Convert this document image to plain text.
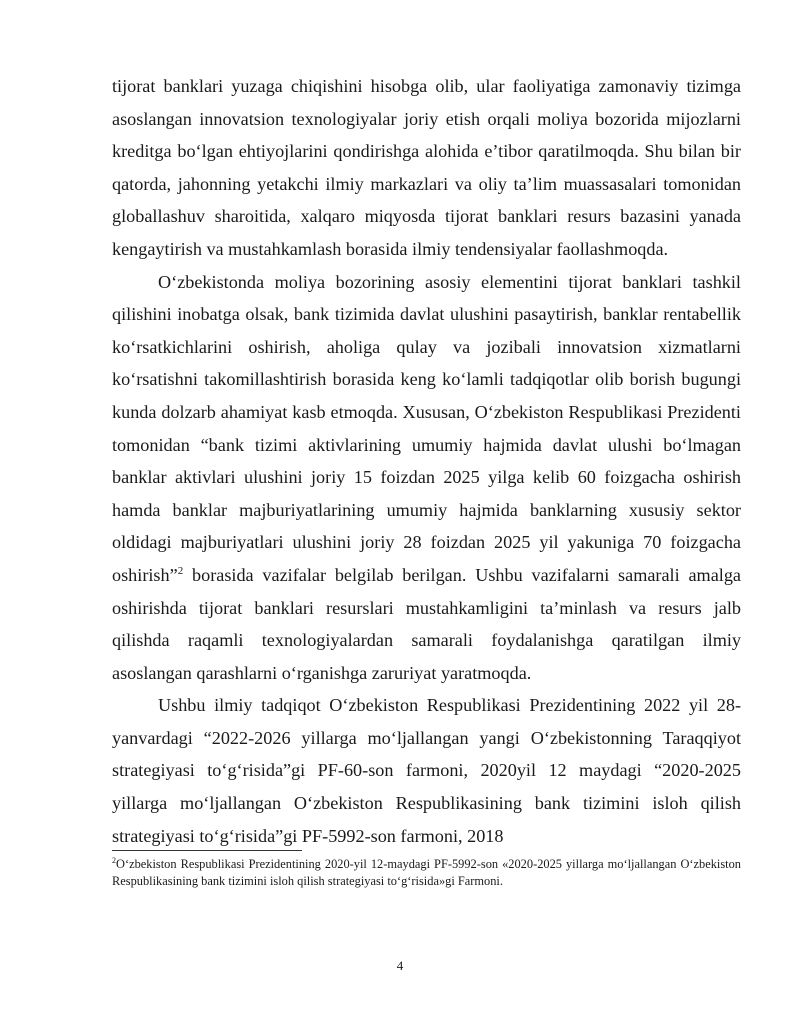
tijorat banklari yuzaga chiqishini hisobga olib, ular faoliyatiga zamonaviy tizimga asoslangan innovatsion texnologiyalar joriy etish orqali moliya bozorida mijozlarni kreditga bo‘lgan ehtiyojlarini qondirishga alohida e’tibor qaratilmoqda. Shu bilan bir qatorda, jahonning yetakchi ilmiy markazlari va oliy ta’lim muassasalari tomonidan globallashuv sharoitida, xalqaro miqyosda tijorat banklari resurs bazasini yanada kengaytirish va mustahkamlash borasida ilmiy tendensiyalar faollashmoqda.

O‘zbekistonda moliya bozorining asosiy elementini tijorat banklari tashkil qilishini inobatga olsak, bank tizimida davlat ulushini pasaytirish, banklar rentabellik ko‘rsatkichlarini oshirish, aholiga qulay va jozibali innovatsion xizmatlarni ko‘rsatishni takomillashtirish borasida keng ko‘lamli tadqiqotlar olib borish bugungi kunda dolzarb ahamiyat kasb etmoqda. Xususan, O‘zbekiston Respublikasi Prezidenti tomonidan “bank tizimi aktivlarining umumiy hajmida davlat ulushi bo‘lmagan banklar aktivlari ulushini joriy 15 foizdan 2025 yilga kelib 60 foizgacha oshirish hamda banklar majburiyatlarining umumiy hajmida banklarning xususiy sektor oldidagi majburiyatlari ulushini joriy 28 foizdan 2025 yil yakuniga 70 foizgacha oshirish”$^2$ borasida vazifalar belgilab berilgan. Ushbu vazifalarni samarali amalga oshirishda tijorat banklari resurslari mustahkamligini ta’minlash va resurs jalb qilishda raqamli texnologiyalardan samarali foydalanishga qaratilgan ilmiy asoslangan qarashlarni o‘rganishga zaruriyat yaratmoqda.

Ushbu ilmiy tadqiqot O‘zbekiston Respublikasi Prezidentining 2022 yil 28-yanvardagi “2022-2026 yillarga mo‘ljallangan yangi O‘zbekistonning Taraqqiyot strategiyasi to‘g‘risida”gi PF-60-son farmoni, 2020yil 12 maydagi “2020-2025 yillarga mo‘ljallangan O‘zbekiston Respublikasining bank tizimini isloh qilish strategiyasi to‘g‘risida”gi PF-5992-son farmoni, 2018

$^2$O‘zbekiston Respublikasi Prezidentining 2020-yil 12-maydagi PF-5992-son «2020-2025 yillarga mo‘ljallangan O‘zbekiston Respublikasining bank tizimini isloh qilish strategiyasi to‘g‘risida»gi Farmoni.

4
